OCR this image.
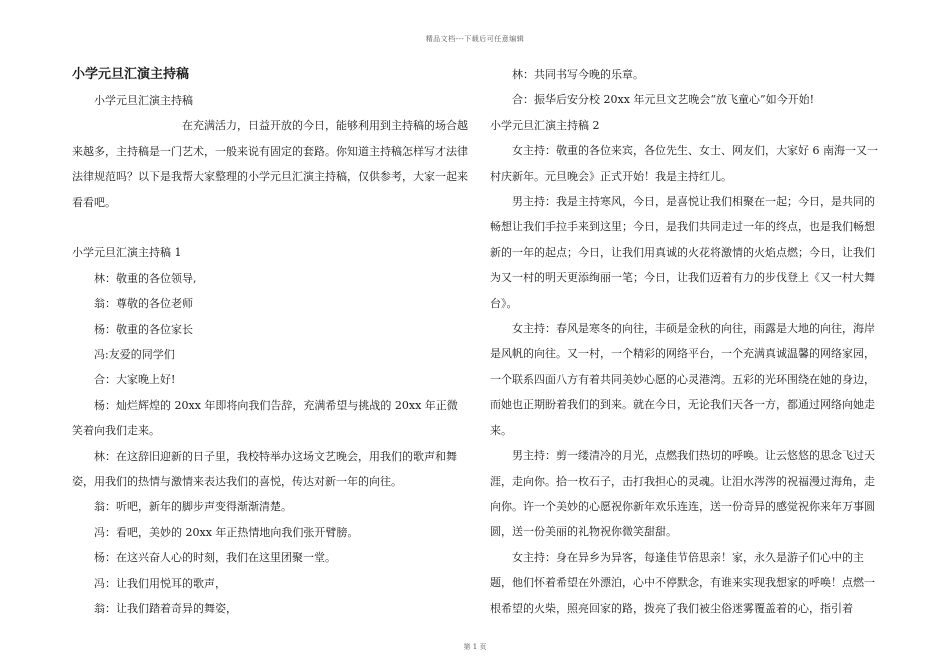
精品文档---下载后可任意编辑

小学元旦汇演主持稿

小学元旦汇演主持稿

在充满活力，日益开放的今日，能够利用到主持稿的场合越来越多，主持稿是一门艺术，一般来说有固定的套路。你知道主持稿怎样写才法律法律规范吗？以下是我帮大家整理的小学元旦汇演主持稿，仅供参考，大家一起来看看吧。

小学元旦汇演主持稿 1

林：敬重的各位领导,

翁：尊敬的各位老师

杨：敬重的各位家长

冯:友爱的同学们

合：大家晚上好!

杨：灿烂辉煌的 20xx 年即将向我们告辞，充满希望与挑战的 20xx 年正微笑着向我们走来。

林：在这辞旧迎新的日子里，我校特举办这场文艺晚会，用我们的歌声和舞姿，用我们的热情与激情来表达我们的喜悦，传达对新一年的向往。

翁：听吧，新年的脚步声变得渐渐清楚。

冯：看吧，美妙的 20xx 年正热情地向我们张开臂膀。

杨：在这兴奋人心的时刻，我们在这里团聚一堂。

冯：让我们用悦耳的歌声，

翁：让我们踏着奇异的舞姿，

林：共同书写今晚的乐章。

合：振华后安分校 20xx 年元旦文艺晚会“放飞童心”如今开始!

小学元旦汇演主持稿 2

女主持：敬重的各位来宾，各位先生、女士、网友们，大家好 6 南海一又一村庆新年。元旦晚会》正式开始！我是主持红儿。

男主持：我是主持寒风，今日，是喜悦让我们相聚在一起；今日，是共同的畅想让我们手拉手来到这里；今日，是我们共同走过一年的终点，也是我们畅想新的一年的起点；今日，让我们用真诚的火花将激情的火焰点燃；今日，让我们为又一村的明天更添绚丽一笔；今日，让我们迈着有力的步伐登上《又一村大舞台》。

女主持：春风是寒冬的向往，丰硕是金秋的向往，雨露是大地的向往，海岸是风帆的向往。又一村，一个精彩的网络平台，一个充满真诚温馨的网络家园，一个联系四面八方有着共同美妙心愿的心灵港湾。五彩的光环围绕在她的身边，而她也正期盼着我们的到来。就在今日，无论我们天各一方，都通过网络向她走来。

男主持：剪一缕清冷的月光，点燃我们热切的呼唤。让云悠悠的思念飞过天涯，走向你。拾一枚石子，击打我担心的灵魂。让泪水涔涔的祝福漫过海角，走向你。许一个美妙的心愿祝你新年欢乐连连，送一份奇异的感觉祝你来年万事圆圆，送一份美丽的礼物祝你微笑甜甜。

女主持：身在异乡为异客，每逢佳节倍思亲！家，永久是游子们心中的主题，他们怀着希望在外漂泊，心中不停默念，有谁来实现我想家的呼唤！点燃一根希望的火柴，照亮回家的路，拨亮了我们被尘俗迷雾覆盖着的心，指引着

第 1 页
